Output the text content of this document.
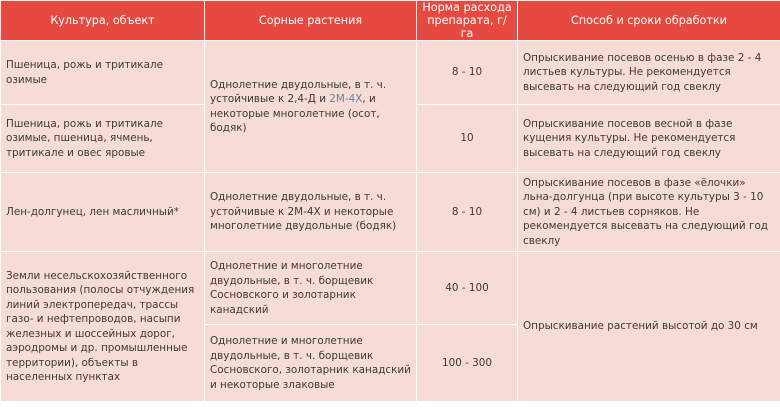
Культура, объект	Сорные растения	Норма расхода препарата, г/га	Способ и сроки обработки
Пшеница, рожь и тритикале озимые	Однолетние двудольные, в т. ч. устойчивые к 2,4-Д и 2М-4Х, и некоторые многолетние (осот, бодяк)	8 - 10	Опрыскивание посевов осенью в фазе 2 - 4 листьев культуры. Не рекомендуется высевать на следующий год свеклу
Пшеница, рожь и тритикале озимые, пшеница, ячмень, тритикале и овес яровые		10	Опрыскивание посевов весной в фазе кущения культуры. Не рекомендуется высевать на следующий год свеклу
Лен-долгунец, лен масличный*	Однолетние двудольные, в т. ч. устойчивые к 2М-4Х и некоторые многолетние двудольные (бодяк)	8 - 10	Опрыскивание посевов в фазе «ёлочки» льна-долгунца (при высоте культуры 3 - 10 см) и 2 - 4 листьев сорняков. Не рекомендуется высевать на следующий год свеклу
Земли несельскохозяйственного пользования (полосы отчуждения линий электропередач, трассы газо- и нефтепроводов, насыпи железных и шоссейных дорог, аэродромы и др. промышленные территории), объекты в населенных пунктах	Однолетние и многолетние двудольные, в т. ч. борщевик Сосновского и золотарник канадский	40 - 100	Опрыскивание растений высотой до 30 см
	Однолетние и многолетние двудольные, в т. ч. борщевик Сосновского, золотарник канадский и некоторые злаковые	100 - 300	
